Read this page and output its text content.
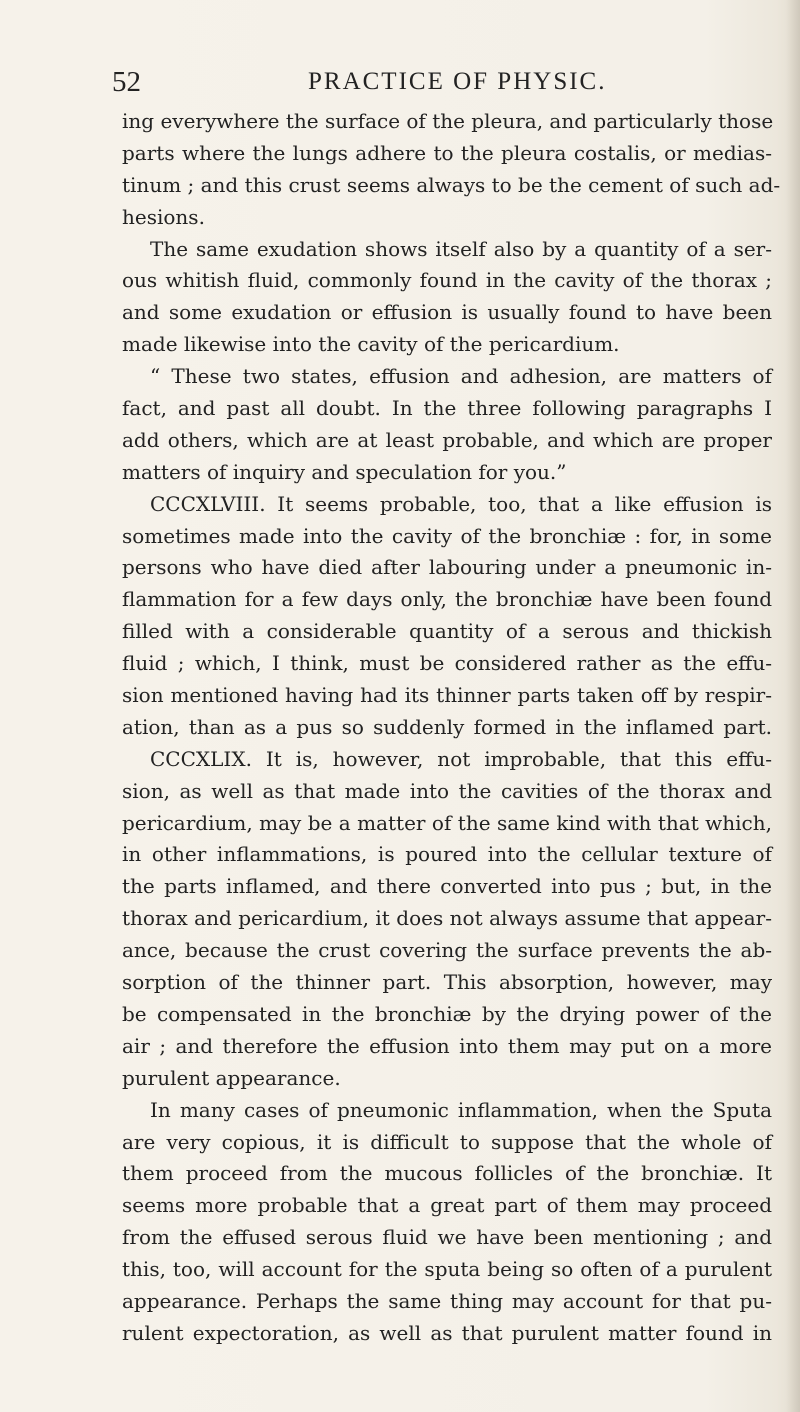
52	PRACTICE OF PHYSIC.
ing everywhere the surface of the pleura, and particularly those
parts where the lungs adhere to the pleura costalis, or medias-
tinum ; and this crust seems always to be the cement of such ad-
hesions.
The same exudation shows itself also by a quantity of a ser-
ous whitish fluid, commonly found in the cavity of the thorax ;
and some exudation or effusion is usually found to have been
made likewise into the cavity of the pericardium.
“ These two states, effusion and adhesion, are matters of
fact, and past all doubt. In the three following paragraphs I
add others, which are at least probable, and which are proper
matters of inquiry and speculation for you.”
CCCXLVIII. It seems probable, too, that a like effusion is
sometimes made into the cavity of the bronchiæ : for, in some
persons who have died after labouring under a pneumonic in-
flammation for a few days only, the bronchiæ have been found
filled with a considerable quantity of a serous and thickish
fluid ; which, I think, must be considered rather as the effu-
sion mentioned having had its thinner parts taken off by respir-
ation, than as a pus so suddenly formed in the inflamed part.
CCCXLIX. It is, however, not improbable, that this effu-
sion, as well as that made into the cavities of the thorax and
pericardium, may be a matter of the same kind with that which,
in other inflammations, is poured into the cellular texture of
the parts inflamed, and there converted into pus ; but, in the
thorax and pericardium, it does not always assume that appear-
ance, because the crust covering the surface prevents the ab-
sorption of the thinner part. This absorption, however, may
be compensated in the bronchiæ by the drying power of the
air ; and therefore the effusion into them may put on a more
purulent appearance.
In many cases of pneumonic inflammation, when the Sputa
are very copious, it is difficult to suppose that the whole of
them proceed from the mucous follicles of the bronchiæ. It
seems more probable that a great part of them may proceed
from the effused serous fluid we have been mentioning ; and
this, too, will account for the sputa being so often of a purulent
appearance. Perhaps the same thing may account for that pu-
rulent expectoration, as well as that purulent matter found in
